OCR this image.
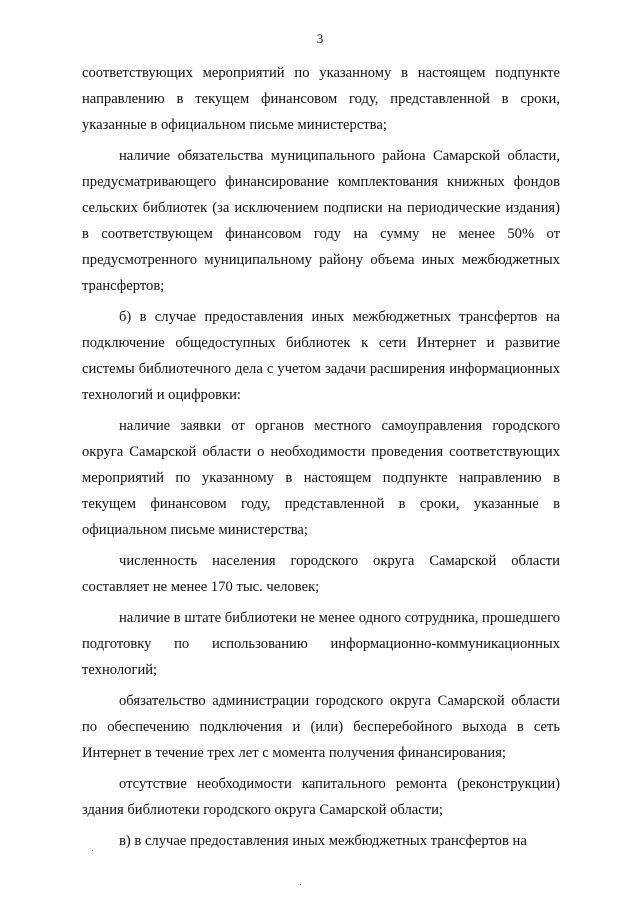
3

соответствующих мероприятий по указанному в настоящем подпункте направлению в текущем финансовом году, представленной в сроки, указанные в официальном письме министерства;

наличие обязательства муниципального района Самарской области, предусматривающего финансирование комплектования книжных фондов сельских библиотек (за исключением подписки на периодические издания) в соответствующем финансовом году на сумму не менее 50% от предусмотренного муниципальному району объема иных межбюджетных трансфертов;

б) в случае предоставления иных межбюджетных трансфертов на подключение общедоступных библиотек к сети Интернет и развитие системы библиотечного дела с учетом задачи расширения информационных технологий и оцифровки:

наличие заявки от органов местного самоуправления городского округа Самарской области о необходимости проведения соответствующих мероприятий по указанному в настоящем подпункте направлению в текущем финансовом году, представленной в сроки, указанные в официальном письме министерства;

численность населения городского округа Самарской области составляет не менее 170 тыс. человек;

наличие в штате библиотеки не менее одного сотрудника, прошедшего подготовку по использованию информационно-коммуникационных технологий;

обязательство администрации городского округа Самарской области по обеспечению подключения и (или) бесперебойного выхода в сеть Интернет в течение трех лет с момента получения финансирования;

отсутствие необходимости капитального ремонта (реконструкции) здания библиотеки городского округа Самарской области;

в) в случае предоставления иных межбюджетных трансфертов на
